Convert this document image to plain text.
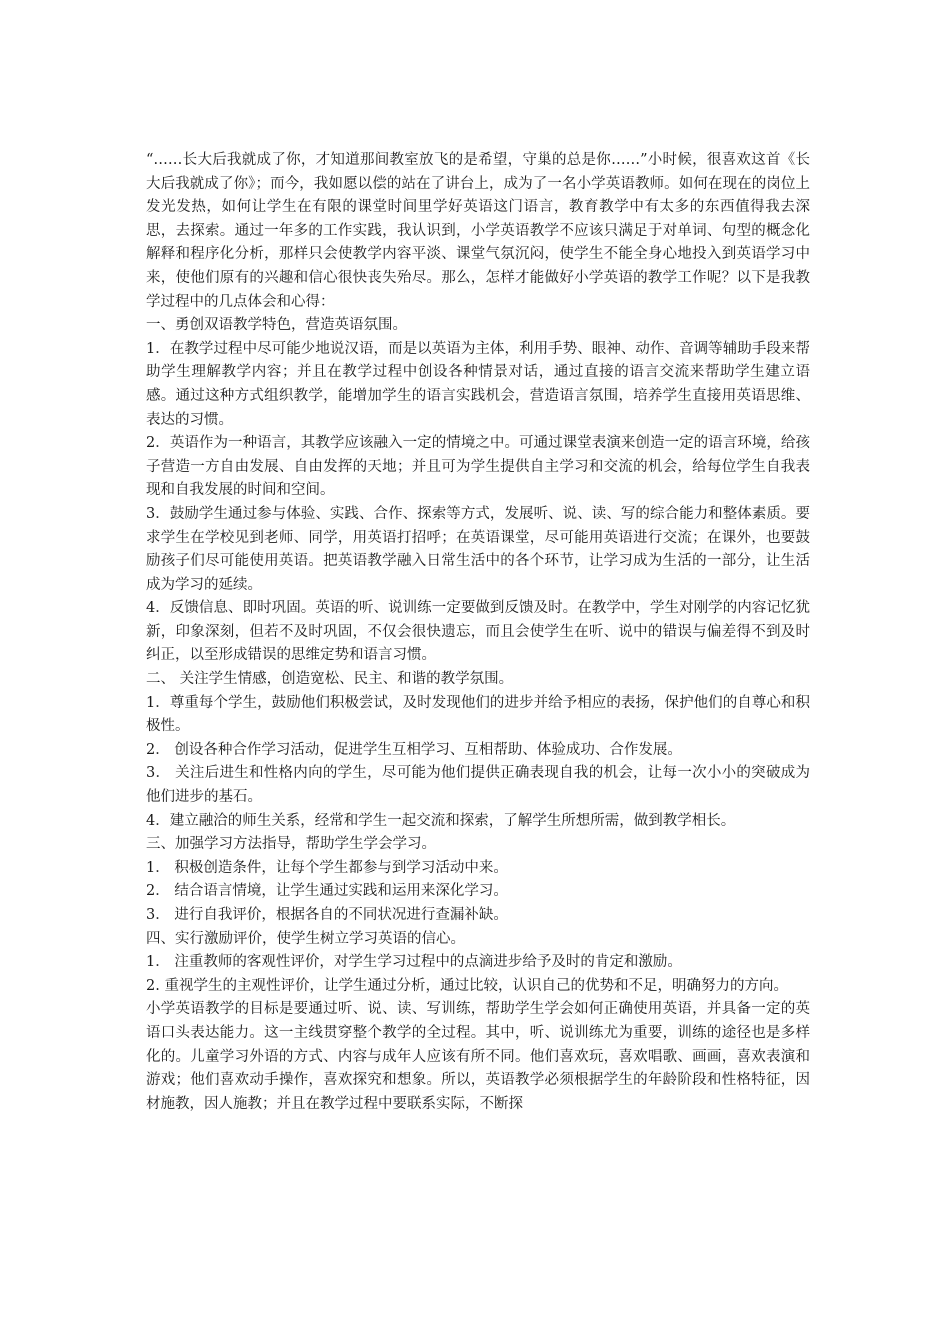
“……长大后我就成了你，才知道那间教室放飞的是希望，守巢的总是你……”小时候，很喜欢这首《长大后我就成了你》；而今，我如愿以偿的站在了讲台上，成为了一名小学英语教师。如何在现在的岗位上发光发热，如何让学生在有限的课堂时间里学好英语这门语言，教育教学中有太多的东西值得我去深思，去探索。通过一年多的工作实践，我认识到，小学英语教学不应该只满足于对单词、句型的概念化解释和程序化分析，那样只会使教学内容平淡、课堂气氛沉闷，使学生不能全身心地投入到英语学习中来，使他们原有的兴趣和信心很快丧失殆尽。那么，怎样才能做好小学英语的教学工作呢？以下是我教学过程中的几点体会和心得：

一、勇创双语教学特色，营造英语氛围。

1．在教学过程中尽可能少地说汉语，而是以英语为主体，利用手势、眼神、动作、音调等辅助手段来帮助学生理解教学内容；并且在教学过程中创设各种情景对话，通过直接的语言交流来帮助学生建立语感。通过这种方式组织教学，能增加学生的语言实践机会，营造语言氛围，培养学生直接用英语思维、表达的习惯。

2．英语作为一种语言，其教学应该融入一定的情境之中。可通过课堂表演来创造一定的语言环境，给孩子营造一方自由发展、自由发挥的天地；并且可为学生提供自主学习和交流的机会，给每位学生自我表现和自我发展的时间和空间。

3．鼓励学生通过参与体验、实践、合作、探索等方式，发展听、说、读、写的综合能力和整体素质。要求学生在学校见到老师、同学，用英语打招呼；在英语课堂，尽可能用英语进行交流；在课外，也要鼓励孩子们尽可能使用英语。把英语教学融入日常生活中的各个环节，让学习成为生活的一部分，让生活成为学习的延续。

4．反馈信息、即时巩固。英语的听、说训练一定要做到反馈及时。在教学中，学生对刚学的内容记忆犹新，印象深刻，但若不及时巩固，不仅会很快遗忘，而且会使学生在听、说中的错误与偏差得不到及时纠正，以至形成错误的思维定势和语言习惯。

二、 关注学生情感，创造宽松、民主、和谐的教学氛围。

1．尊重每个学生，鼓励他们积极尝试，及时发现他们的进步并给予相应的表扬，保护他们的自尊心和积极性。

2． 创设各种合作学习活动，促进学生互相学习、互相帮助、体验成功、合作发展。

3． 关注后进生和性格内向的学生，尽可能为他们提供正确表现自我的机会，让每一次小小的突破成为他们进步的基石。

4．建立融洽的师生关系，经常和学生一起交流和探索，了解学生所想所需，做到教学相长。

三、加强学习方法指导，帮助学生学会学习。

1． 积极创造条件，让每个学生都参与到学习活动中来。

2． 结合语言情境，让学生通过实践和运用来深化学习。

3． 进行自我评价，根据各自的不同状况进行查漏补缺。

四、实行激励评价，使学生树立学习英语的信心。

1． 注重教师的客观性评价，对学生学习过程中的点滴进步给予及时的肯定和激励。

2. 重视学生的主观性评价，让学生通过分析，通过比较，认识自己的优势和不足，明确努力的方向。

小学英语教学的目标是要通过听、说、读、写训练，帮助学生学会如何正确使用英语，并具备一定的英语口头表达能力。这一主线贯穿整个教学的全过程。其中，听、说训练尤为重要，训练的途径也是多样化的。儿童学习外语的方式、内容与成年人应该有所不同。他们喜欢玩，喜欢唱歌、画画，喜欢表演和游戏；他们喜欢动手操作，喜欢探究和想象。所以，英语教学必须根据学生的年龄阶段和性格特征，因材施教，因人施教；并且在教学过程中要联系实际，不断探
